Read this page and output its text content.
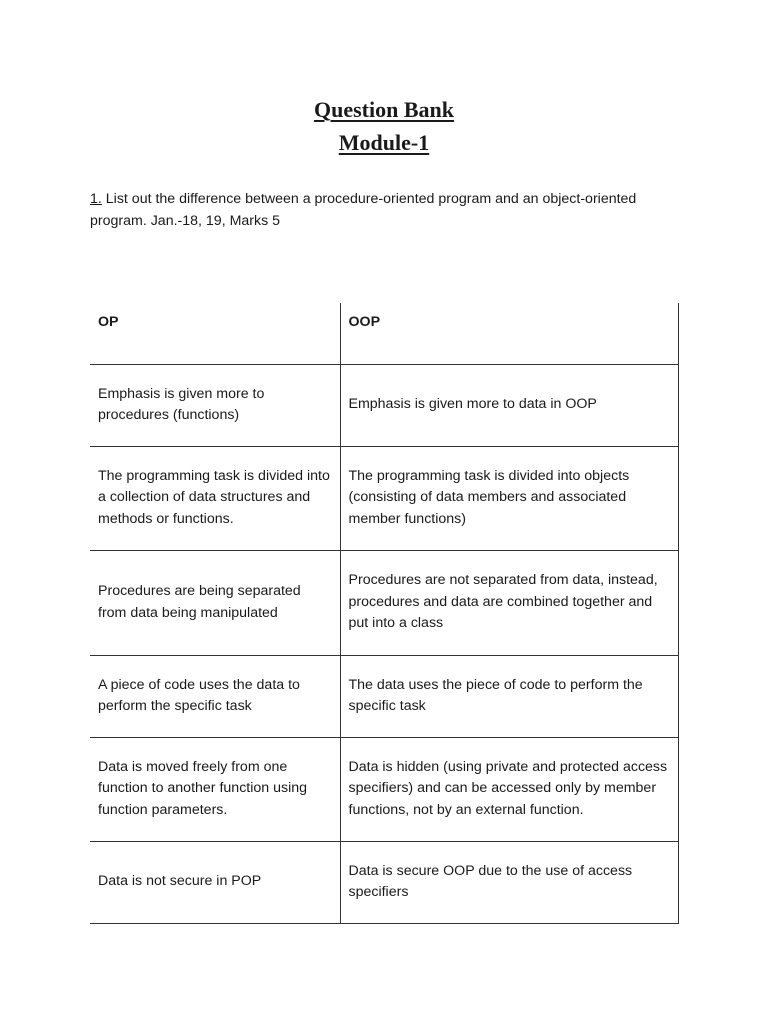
Question Bank
Module-1
1. List out the difference between a procedure-oriented program and an object-oriented program. Jan.-18, 19, Marks 5
OP	OOP
Emphasis is given more to procedures (functions)	Emphasis is given more to data in OOP
The programming task is divided into a collection of data structures and methods or functions.	The programming task is divided into objects (consisting of data members and associated member functions)
Procedures are being separated from data being manipulated	Procedures are not separated from data, instead, procedures and data are combined together and put into a class
A piece of code uses the data to perform the specific task	The data uses the piece of code to perform the specific task
Data is moved freely from one function to another function using function parameters.	Data is hidden (using private and protected access specifiers) and can be accessed only by member functions, not by an external function.
Data is not secure in POP	Data is secure OOP due to the use of access specifiers
